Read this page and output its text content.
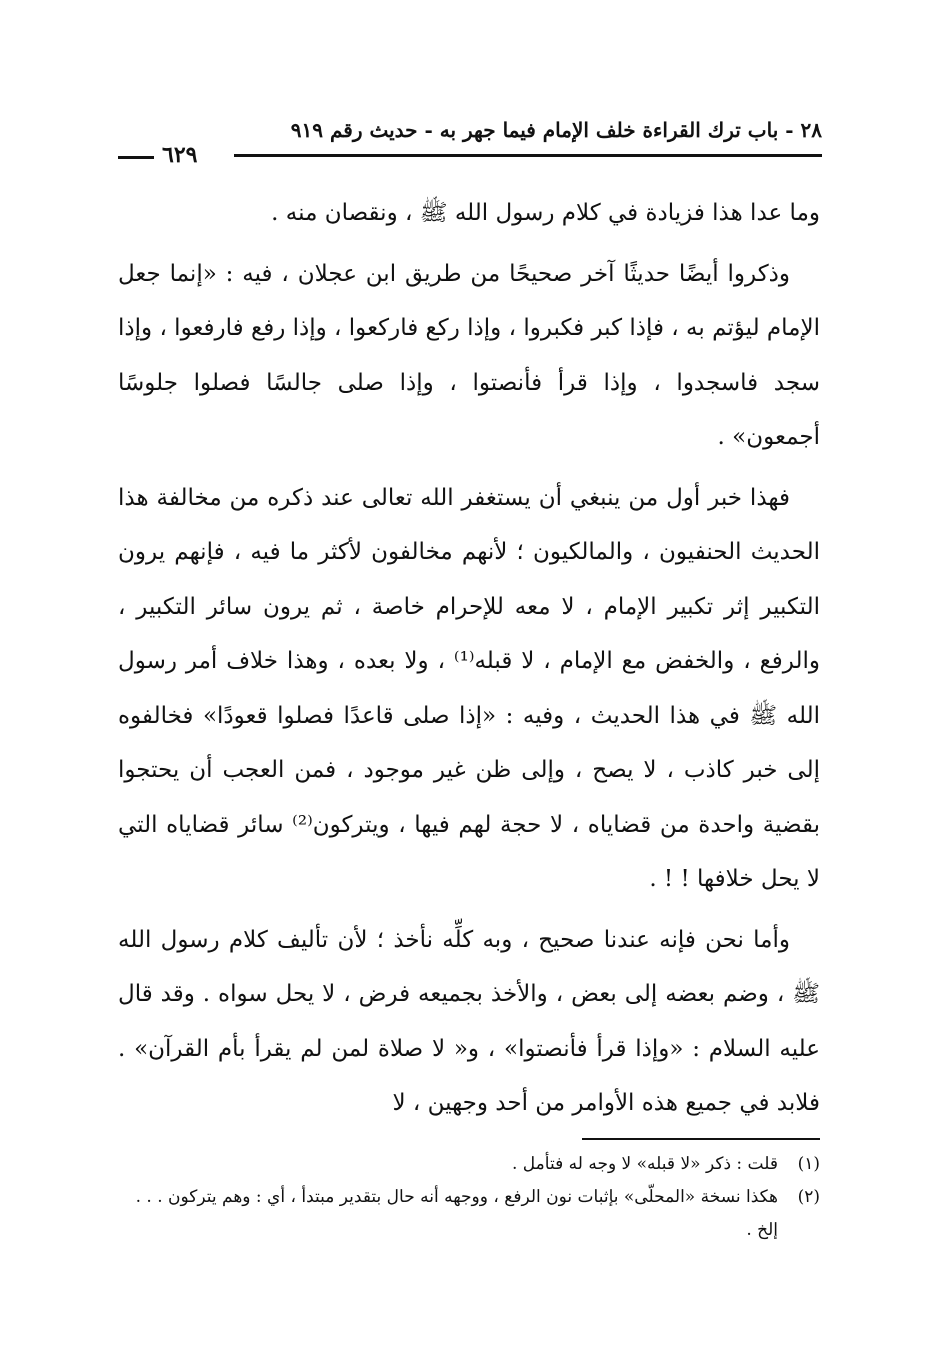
٢٨ - باب ترك القراءة خلف الإمام فيما جهر به - حديث رقم ٩١٩
٦٢٩

وما عدا هذا فزيادة في كلام رسول الله ﷺ ، ونقصان منه .

وذكروا أيضًا حديثًا آخر صحيحًا من طريق ابن عجلان ، فيه : «إنما جعل الإمام ليؤتم به ، فإذا كبر فكبروا ، وإذا ركع فاركعوا ، وإذا رفع فارفعوا ، وإذا سجد فاسجدوا ، وإذا قرأ فأنصتوا ، وإذا صلى جالسًا فصلوا جلوسًا أجمعون» .

فهذا خبر أول من ينبغي أن يستغفر الله تعالى عند ذكره من مخالفة هذا الحديث الحنفيون ، والمالكيون ؛ لأنهم مخالفون لأكثر ما فيه ، فإنهم يرون التكبير إثر تكبير الإمام ، لا معه للإحرام خاصة ، ثم يرون سائر التكبير ، والرفع ، والخفض مع الإمام ، لا قبله⁽¹⁾ ، ولا بعده ، وهذا خلاف أمر رسول الله ﷺ في هذا الحديث ، وفيه : «إذا صلى قاعدًا فصلوا قعودًا» فخالفوه إلى خبر كاذب ، لا يصح ، وإلى ظن غير موجود ، فمن العجب أن يحتجوا بقضية واحدة من قضاياه ، لا حجة لهم فيها ، ويتركون⁽²⁾ سائر قضاياه التي لا يحل خلافها ! ! .

وأما نحن فإنه عندنا صحيح ، وبه كلِّه نأخذ ؛ لأن تأليف كلام رسول الله ﷺ ، وضم بعضه إلى بعض ، والأخذ بجميعه فرض ، لا يحل سواه . وقد قال عليه السلام : «وإذا قرأ فأنصتوا» ، و« لا صلاة لمن لم يقرأ بأم القرآن» . فلابد في جميع هذه الأوامر من أحد وجهين ، لا

(١)
قلت : ذكر «لا قبله» لا وجه له فتأمل .
(٢)
هكذا نسخة «المحلّى» بإثبات نون الرفع ، ووجهه أنه حال بتقدير مبتدأ ، أي : وهم يتركون . . . إلخ .
